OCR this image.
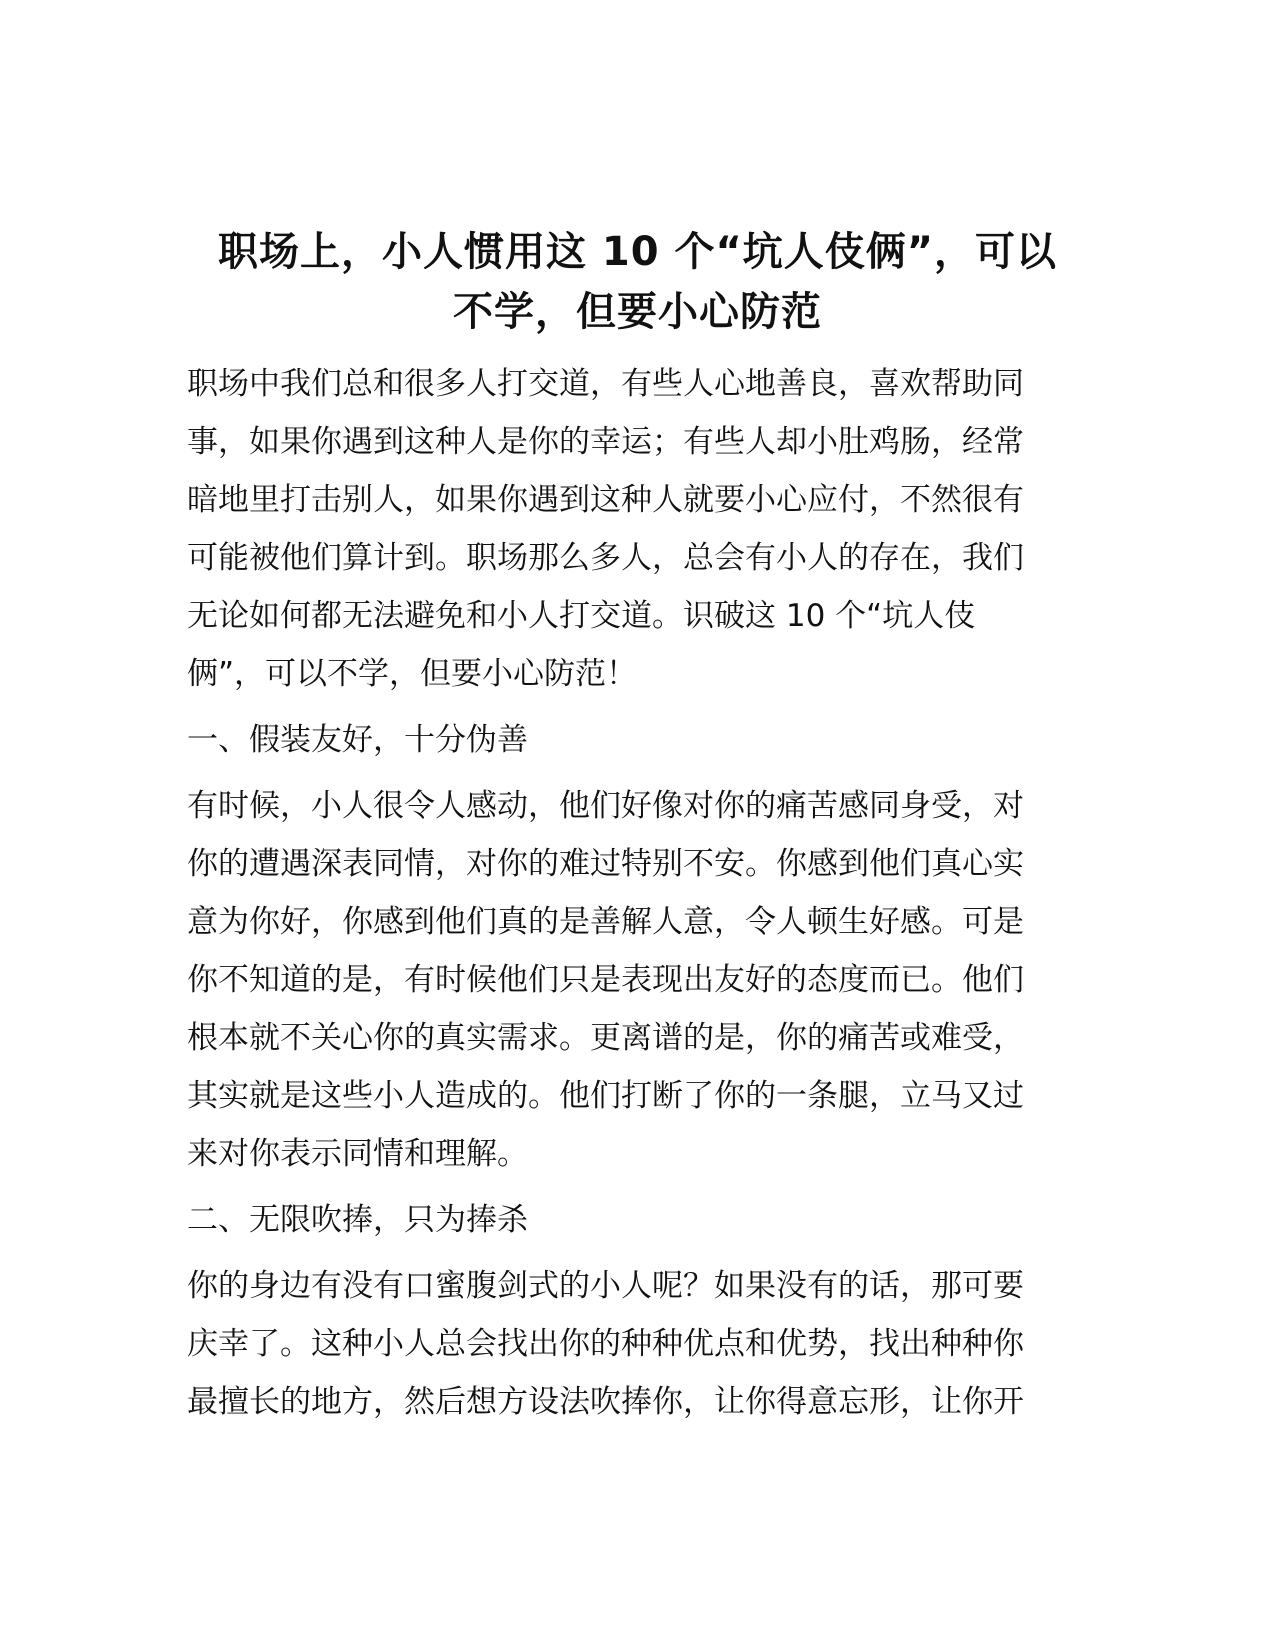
职场上，小人惯用这 10 个“坑人伎俩”，可以
不学，但要小心防范

职场中我们总和很多人打交道，有些人心地善良，喜欢帮助同
事，如果你遇到这种人是你的幸运；有些人却小肚鸡肠，经常
暗地里打击别人，如果你遇到这种人就要小心应付，不然很有
可能被他们算计到。职场那么多人，总会有小人的存在，我们
无论如何都无法避免和小人打交道。识破这 10 个“坑人伎
俩”，可以不学，但要小心防范！

一、假装友好，十分伪善

有时候，小人很令人感动，他们好像对你的痛苦感同身受，对
你的遭遇深表同情，对你的难过特别不安。你感到他们真心实
意为你好，你感到他们真的是善解人意，令人顿生好感。可是
你不知道的是，有时候他们只是表现出友好的态度而已。他们
根本就不关心你的真实需求。更离谱的是，你的痛苦或难受，
其实就是这些小人造成的。他们打断了你的一条腿，立马又过
来对你表示同情和理解。

二、无限吹捧，只为捧杀

你的身边有没有口蜜腹剑式的小人呢？如果没有的话，那可要
庆幸了。这种小人总会找出你的种种优点和优势，找出种种你
最擅长的地方，然后想方设法吹捧你，让你得意忘形，让你开
